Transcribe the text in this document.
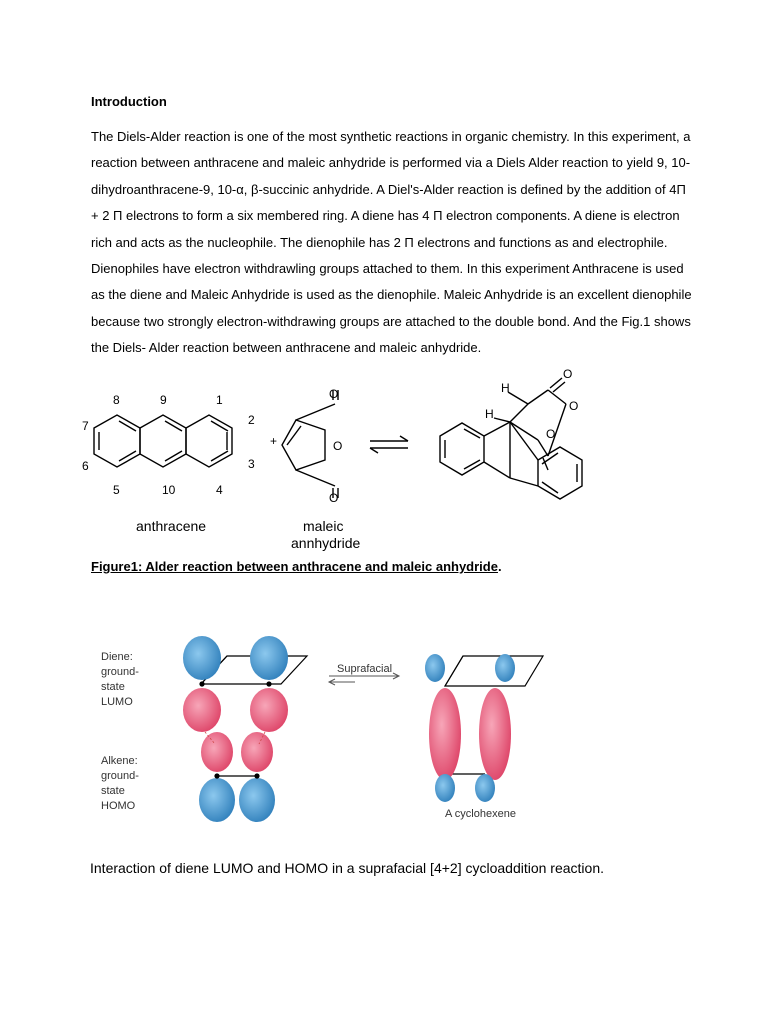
Introduction
The Diels-Alder reaction is one of the most synthetic reactions in organic chemistry. In this experiment, a
reaction between anthracene and maleic anhydride is performed via a Diels Alder reaction to yield 9, 10-
dihydroanthracene-9, 10-α, β-succinic anhydride. A Diel's-Alder reaction is defined by the addition of 4Π
+ 2 Π electrons to form a six membered ring. A diene has 4 Π electron components. A diene is electron
rich and acts as the nucleophile. The dienophile has 2 Π electrons and functions as and electrophile.
Dienophiles have electron withdrawling groups attached to them. In this experiment Anthracene is used
as the diene and Maleic Anhydride is used as the dienophile. Maleic Anhydride is an excellent dienophile
because two strongly electron-withdrawing groups are attached to the double bond. And the Fig.1 shows
the Diels- Alder reaction between anthracene and maleic anhydride.
8	9	1
2
3
4
10
5
6
7
+
O
O
O
H
H
O
O
O
anthracene	maleic
annhydride
Figure1: Alder reaction between anthracene and maleic anhydride.
Diene:
ground-
state
LUMO
Alkene:
ground-
state
HOMO
Suprafacial
A cyclohexene
Interaction of diene LUMO and HOMO in a suprafacial [4+2] cycloaddition reaction.
